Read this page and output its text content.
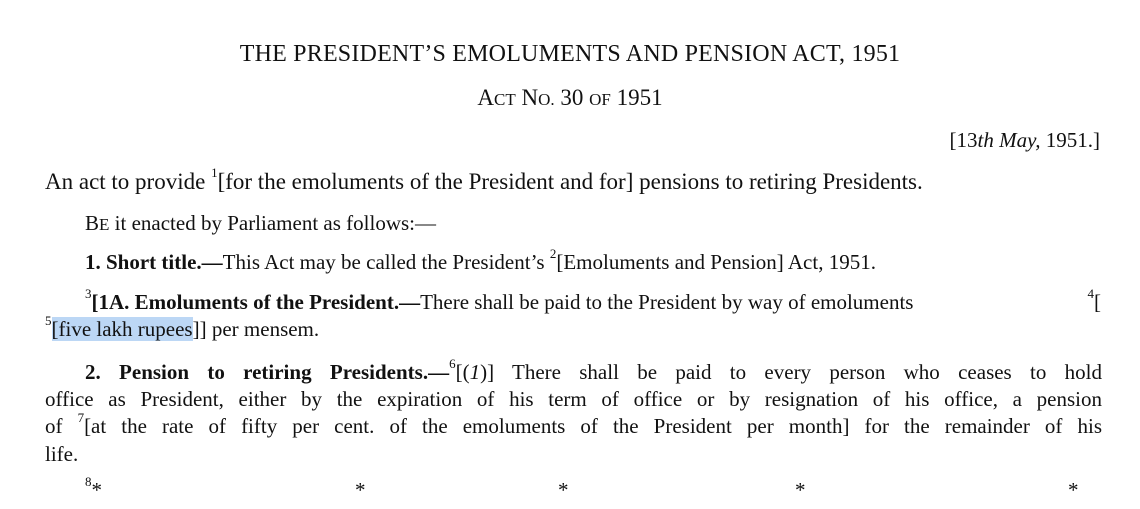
THE PRESIDENT’S EMOLUMENTS AND PENSION ACT, 1951
ACT NO. 30 OF 1951
[13th May, 1951.]
An act to provide $^1$[for the emoluments of the President and for] pensions to retiring Presidents.
BE it enacted by Parliament as follows:—
1. Short title.—This Act may be called the President’s $^2$[Emoluments and Pension] Act, 1951.
$^3$[1A. Emoluments of the President.—There shall be paid to the President by way of emoluments	$^4$[
$^5$[five lakh rupees]] per mensem.
2. Pension to retiring Presidents.—$^6$[(1)] There shall be paid to every person who ceases to hold
office as President, either by the expiration of his term of office or by resignation of his office, a pension
of $^7$[at the rate of fifty per cent. of the emoluments of the President per month] for the remainder of his
life.
$^8$*	*	*	*	*
